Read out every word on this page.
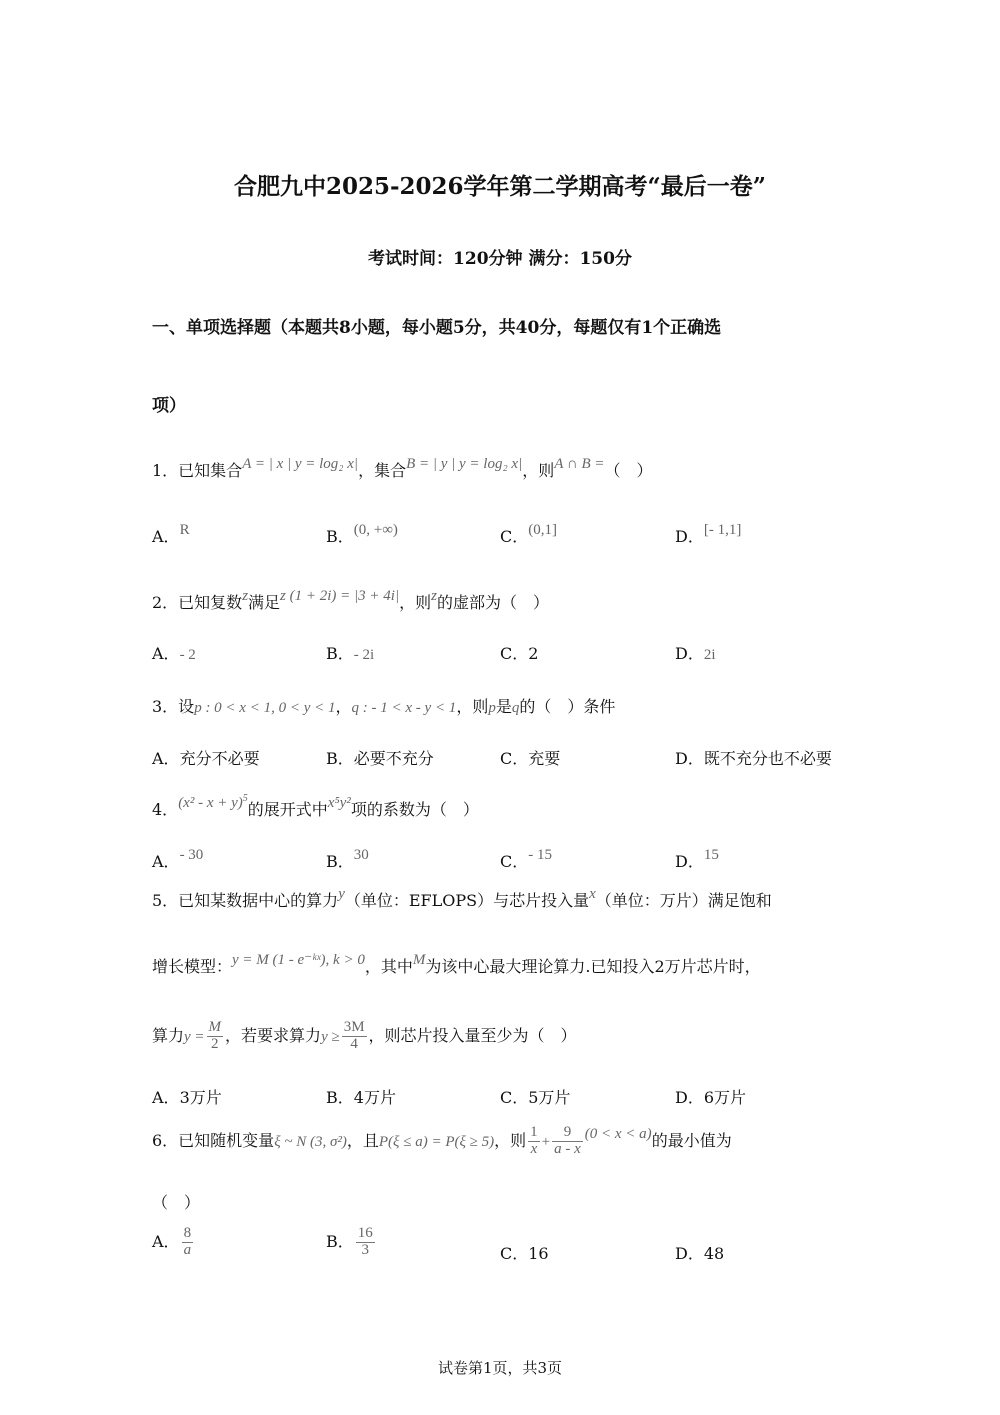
合肥九中2025-2026学年第二学期高考“最后一卷”
考试时间：120分钟 满分：150分
一、单项选择题（本题共8小题，每小题5分，共40分，每题仅有1个正确选
项）
1．已知集合A = | x | y = log₂ x|，集合B = | y | y = log₂ x|，则A ∩ B =（　）
A．R	B．(0, +∞)	C．(0,1]	D．[- 1,1]
2．已知复数z满足z (1 + 2i) = |3 + 4i|，则z的虚部为（　）
A．- 2	B．- 2i	C．2	D．2i
3．设p : 0 < x < 1, 0 < y < 1，q : - 1 < x - y < 1，则p是q的（　）条件
A．充分不必要	B．必要不充分	C．充要	D．既不充分也不必要
4．$(x^2 - x + y)^5$的展开式中x⁵y²项的系数为（　）
A．- 30	B．30	C．- 15	D．15
5．已知某数据中心的算力y（单位：EFLOPS）与芯片投入量x（单位：万片）满足饱和
增长模型：y = M (1 - e⁻ᵏˣ), k > 0，其中M为该中心最大理论算力.已知投入2万片芯片时，
算力$y = \frac{M}{2}$ ，若要求算力$y \ge \frac{3M}{4}$ ，则芯片投入量至少为（　）
A．3万片	B．4万片	C．5万片	D．6万片
6．已知随机变量ξ ~ N (3, σ²)，且P(ξ ≤ a) = P(ξ ≥ 5)，则 $\frac{1}{x} + \frac{9}{a - x} (0 < x < a)$的最小值为
（　）
A． $\frac{8}{a}$	B． $\frac{16}{3}$	C．16	D．48
试卷第1页，共3页
